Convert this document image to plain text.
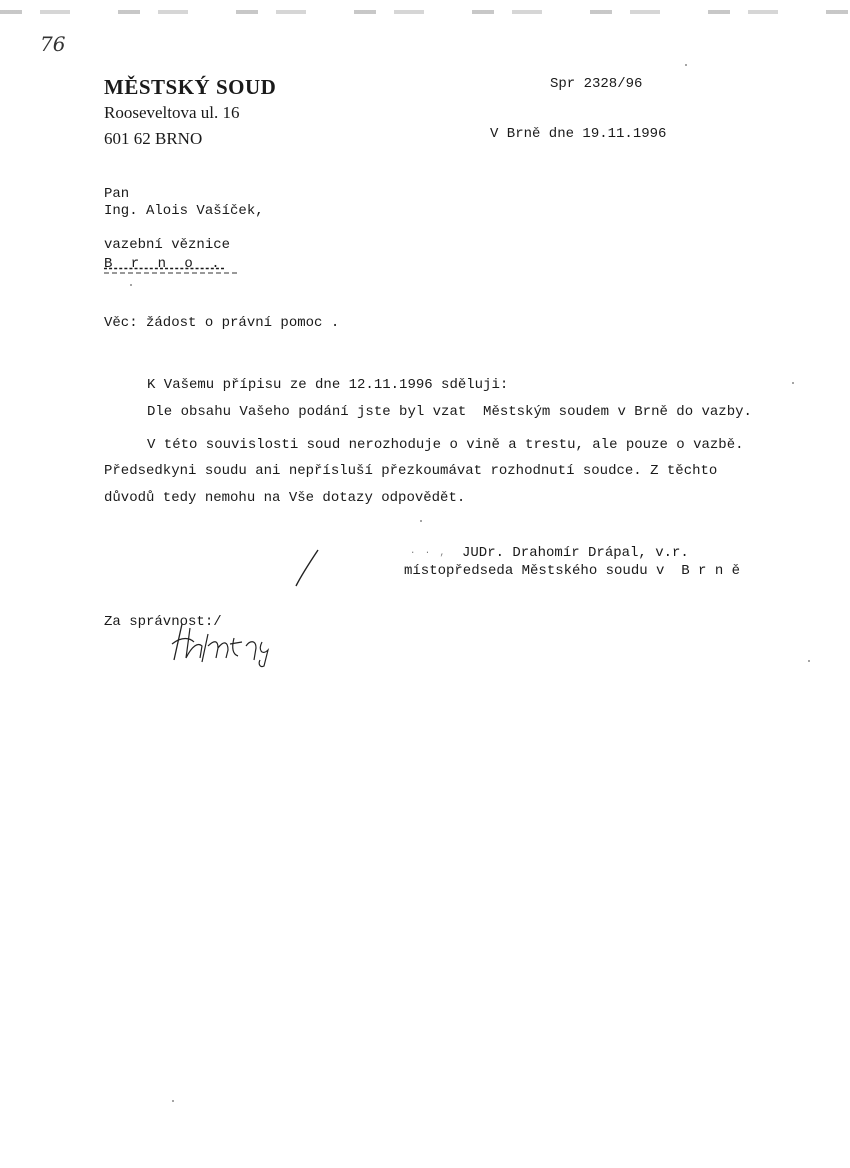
76
MĚSTSKÝ SOUD
Rooseveltova ul. 16
601 62 BRNO
Spr 2328/96
V Brně dne 19.11.1996
Pan
Ing. Alois Vašíček,
vazební věznice
B r n o .
Věc: žádost o právní pomoc .
K Vašemu přípisu ze dne 12.11.1996 sděluji:
Dle obsahu Vašeho podání jste byl vzat  Městským soudem v Brně do vazby.
V této souvislosti soud nerozhoduje o vině a trestu, ale pouze o vazbě.
Předsedkyni soudu ani nepřísluší přezkoumávat rozhodnutí soudce. Z těchto
důvodů tedy nemohu na Vše dotazy odpovědět.
· · , JUDr. Drahomír Drápal, v.r.
místopředseda Městského soudu v  B r n ě
Za správnost:/
